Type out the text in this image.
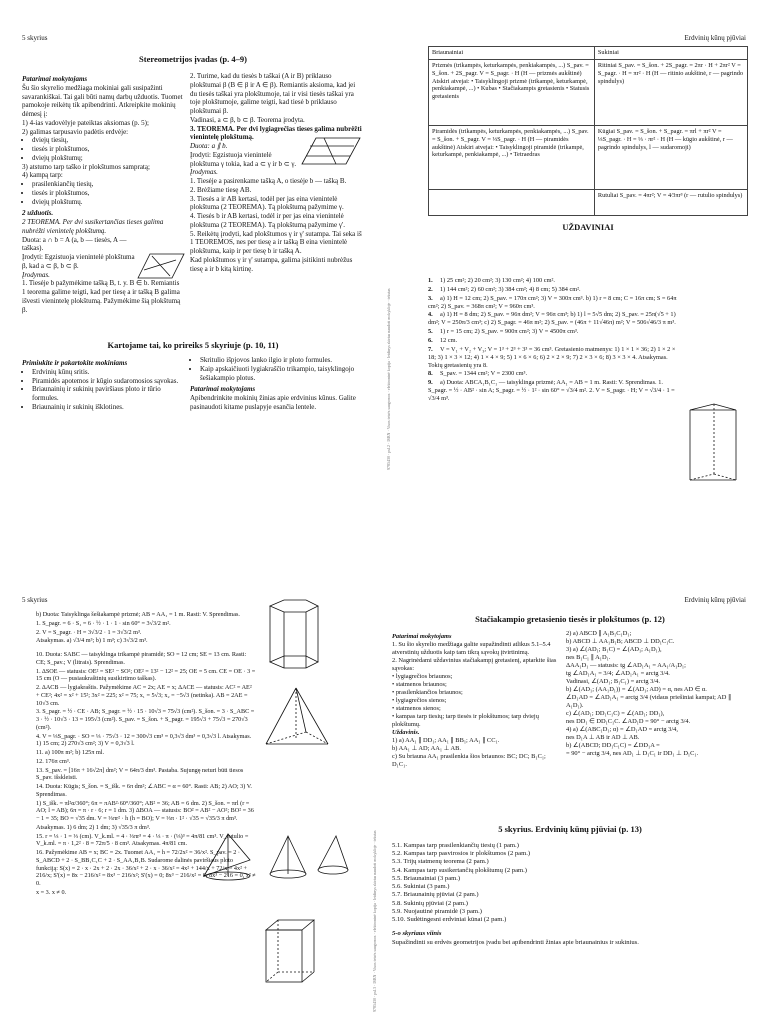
5 skyrius
Stereometrijos įvadas (p. 4–9)
Patarimai mokytojams
Šu šio skyrelio medžiaga mokiniai gali susipažinti savarankiškai. Tai gali būti namų darbų užduotis. Tuomet pamokoje reikėtų tik apibendrinti. Atkreipkite mokinių dėmesį į:
1) 4-ias vadovėlyje pateiktas aksiomas (p. 5);
2) galimas tarpusavio padėtis erdvėje:
• dviejų tiesių,
• tiesės ir plokštumos,
• dviejų plokštumų;
3) atstumo tarp taško ir plokštumos sampratą;
4) kampą tarp:
• prasilenkiančių tiesių,
• tiesės ir plokštumos,
• dviejų plokštumų.
2 užduotis.
2 TEOREMA. Per dvi susikertančias tieses galima nubrėžti vienintelę plokštumą.
Duota: a ∩ b = A (a, b — tiesės, A — taškas).
Įrodyti: Egzistuoja vienintelė plokštuma β, kad a ⊂ β, b ⊂ β.
Įrodymas.
1. Tiesėje b pažymėkime tašką B, t. y. B ∈ b. Remiantis 1 teorema galime teigti, kad per tiesę a ir tašką B galima išvesti vienintelę plokštumą. Pažymėkime šią plokštumą β.
2. Turime, kad du tiesės b taškai (A ir B) priklauso plokštumai β (B ∈ β ir A ∈ β). Remiantis aksioma, kad jei du tiesės taškai yra plokštumoje, tai ir visi tiesės taškai yra toje plokštumoje, galime teigti, kad tiesė b priklauso plokštumai β.
Vadinasi, a ⊂ β, b ⊂ β. Teorema įrodyta.
3. TEOREMA. Per dvi lygiagrečias tieses galima nubrėžti vienintelę plokštumą.
Duota: a ∥ b.
Įrodyti: Egzistuoja vienintelė plokštuma γ tokia, kad a ⊂ γ ir b ⊂ γ.
Įrodymas.
1. Tiesėje a pasirenkame tašką A, o tiesėje b — tašką B.
2. Brėžiame tiesę AB.
3. Tiesės a ir AB kertasi, todėl per jas eina vienintelė plokštuma (2 TEOREMA). Tą plokštumą pažymime γ.
4. Tiesės b ir AB kertasi, todėl ir per jas eina vienintelė plokštuma (2 TEOREMA). Tą plokštumą pažymime γ'.
5. Reikėtų įrodyti, kad plokštumos γ ir γ' sutampa. Tai seka iš 1 TEOREMOS, nes per tiesę a ir tašką B eina vienintelė plokštuma, kaip ir per tiesę b ir tašką A.
Kad plokštumos γ ir γ' sutampa, galima įsitikinti nubrėžus tiesę a ir b kitą kirtinę.
Kartojame tai, ko prireiks 5 skyriuje (p. 10, 11)
Primінkite ir pakartokite mokiniams
• Erdvinių kūnų sritis.
• Piramidės apotemos ir kūgio sudaromosios sąvokas.
• Briaunainių ir sukinių paviršiaus ploto ir tūrio formules.
• Briaunainių ir sukinių išklotines.
• Skritulio išpjovos lanko ilgio ir ploto formules.
• Kaip apskaičiuoti lygiakraščio trikampio, taisyklingojo šešiakampio plotus.
Patarimai mokytojams
Apibendrinkite mokinių žinias apie erdvinius kūnus. Galite pasinaudoti kitame puslapyje esančia lentele.	9785430 · psl.2 · ISBN · Visos teisės saugomos · elektroninė kopija · leidinys skirtas naudoti mokykloje · tekstas
Erdvinių kūnų pjūviai
Briaunainiai	Sukiniai
Prizmės (trikampės, keturkampės, penkiakampės, ...) S_pav. = S_šon. + 2S_pagr. V = S_pagr. · H (H — prizmės aukštinė) Atskiri atvejai: • Taisyklingoji prizmė (trikampė, keturkampė, penkiakampė, ...) • Kubas • Stačiakampis gretasienis • Statusis gretasienis	Ritiniai S_pav. = S_šon. + 2S_pagr. = 2πr · H + 2πr² V = S_pagr. · H = πr² · H (H — ritinio aukštinė, r — pagrindo spindulys)
Piramidės (trikampės, keturkampės, penkiakampės, ...) S_pav. = S_šon. + S_pagr. V = ⅓S_pagr. · H (H — piramidės aukštinė) Atskiri atvejai: • Taisyklingoji piramidė (trikampė, keturkampė, penkiakampė, ...) • Tetraedras	Kūgiai S_pav. = S_šon. + S_pagr. = πrl + πr² V = ⅓S_pagr. · H = ⅓ · πr² · H (H — kūgio aukštinė, r — pagrindo spindulys, l — sudaromoji)
	Rutuliai S_pav. = 4πr²; V = 4⁄3πr³ (r — rutulio spindulys)
UŽDAVINIAI
1. 1) 25 cm²; 2) 20 cm²; 3) 130 cm²; 4) 100 cm².
2. 1) 144 cm²; 2) 60 cm²; 3) 384 cm²; 4) 8 cm; 5) 384 cm².
3. a) 1) H = 12 cm; 2) S_pav. = 170π cm²; 3) V = 300π cm³. b) 1) r = 8 cm; C = 16π cm; S = 64π cm²; 2) S_pav. = 368π cm²; V = 960π cm³.
4. a) 1) H = 8 dm; 2) S_pav. = 96π dm²; V = 96π cm³; b) 1) l = 5√5 dm; 2) S_pav. = 25π(√5 + 1) dm²; V = 250π/3 cm³; c) 2) S_pagr. = 46π m²; 2) S_pav. = (46π + 11√46π) m²; V = 506√46/3 π m³.
5. 1) r = 15 cm; 2) S_pav. = 900π cm²; 3) V = 4500π cm³.
6. 12 cm.
7. V = V₁ + V₂ + V₃; V = 1³ + 2³ + 3³ = 36 cm³. Gretasienio matmenys: 1) 1 × 1 × 36; 2) 1 × 2 × 18; 3) 1 × 3 × 12; 4) 1 × 4 × 9; 5) 1 × 6 × 6; 6) 2 × 2 × 9; 7) 2 × 3 × 6; 8) 3 × 3 × 4. Atsakymas. Tokių gretasienių yra 8.
8. S_pav. = 1344 cm²; V = 2300 cm³.
9. a) Duota: ABCA₁B₁C₁ — taisyklinga prizmė; AA₁ = AB = 1 m. Rasti: V. Sprendimas. 1. S_pagr. = ½ · AB² · sin A; S_pagr. = ½ · 1² · sin 60° = √3/4 m². 2. V = S_pagr. · H; V = √3/4 · 1 = √3/4 m³.
5 skyrius
b) Duota: Taisyklinga šešiakampė prizmė; AB = AA₁ = 1 m. Rasti: V. Sprendimas.
1. S_pagr. = 6 · S₁ = 6 · ½ · 1 · 1 · sin 60° = 3√3/2 m².
2. V = S_pagr. · H = 3√3/2 · 1 = 3√3/2 m³.
Atsakymas. a) √3/4 m³; b) 1 m³; c) 3√3/2 m³.
10. Duota: SABC — taisyklinga trikampė piramidė; SO = 12 cm; SE = 13 cm. Rasti: CE; S_pav.; V (litrais). Sprendimas.
1. ΔSOE — statusis: OE² = SE² − SO²; OE² = 13² − 12² = 25; OE = 5 cm. CE = OE · 3 = 15 cm (O — pusiaukraštinių susikirtimo taškas).
2. ΔACB — lygiakraštis. Pažymėkime AC = 2x; AE = x; ΔACE — statusis: AC² = AE² + CE²; 4x² = x² + 15²; 3x² = 225; x² = 75; x₁ = 5√3; x₂ = −5√3 (netinka). AB = 2AE = 10√3 cm.
3. S_pagr. = ½ · CE · AB; S_pagr. = ½ · 15 · 10√3 = 75√3 (cm²). S_šon. = 3 · S_ABC = 3 · ½ · 10√3 · 13 = 195√3 (cm²). S_pav. = S_šon. + S_pagr. = 195√3 + 75√3 = 270√3 (cm²).
4. V = ⅓S_pagr. · SO = ⅓ · 75√3 · 12 = 300√3 cm³ = 0,3√3 dm³ = 0,3√3 l. Atsakymas. 1) 15 cm; 2) 270√3 cm²; 3) V = 0,3√3 l.
11. a) 100π m²; b) 125π ml.
12. 176π cm³.
13. S_pav. = [16π + 16√2π] dm²; V = 64π/3 dm³. Pastaba. Sujungę neturi būti tiesos S_pav. išskleisti.
14. Duota: Kūgis; S_šon. = S_išk. = 6π dm²; ∠ABC = α = 60°. Rasti: AB; 2) AO; 3) V. Sprendimas.
1) S_išk. = πl²α/360°; 6π = πAB²·60°/360°; AB² = 36; AB = 6 dm. 2) S_šon. = πrl (r = AO; l = AB); 6π = π · r · 6; r = 1 dm. 3) ΔBOA — statusis: BO² = AB² − AO²; BO² = 36 − 1 = 35; BO = √35 dm. V = ⅓πr² · h (h = BO); V = ⅓π · 1² · √35 = √35/3 π dm³.
Atsakymas. 1) 6 dm; 2) 1 dm; 3) √35/3 π dm³.
15. r = ⅓ · 1 = ⅓ (cm). V_k.ml. = 4 · ⅓πr³ = 4 · ⅓ · π · (⅓)³ = 4π/81 cm³. V_rutulio = V_k.ml. = π · 1,2² · 8 = 72π/5 · 8 cm³. Atsakymas. 4π/81 cm.
16. Pažymėkime AB = x; BC = 2x. Tuomet AA₁ = h = 72/2x² = 36/x². S_pav. = 2 · S_ABCD + 2 · S_BB₁C₁C + 2 · S_AA₁B₁B. Sudarome dalinės paviršiaus ploto funkciją: S(x) = 2 · x · 2x + 2 · 2x · 36/x² + 2 · x · 36/x² = 4x² + 144/x + 72/x = 4x² + 216/x; S'(x) = 8x − 216/x² = 8x³ − 216/x²; S'(x) = 0; 8x³ − 216/x² = 0; 8x³ − 216 = 0, x² ≠ 0.
x = 3. x ≠ 0.	9785430 · psl.3 · ISBN · Visos teisės saugomos · elektroninė kopija · leidinys skirtas naudoti mokykloje · tekstas
Erdvinių kūnų pjūviai
Stačiakampio gretasienio tiesės ir plokštumos (p. 12)
Patarimai mokytojams
1. Su šio skyrelio medžiaga galite supažindinti atlikus 5.1–5.4 atverstinių užduotis kaip tam tikrą sąvokų įtvirtinimą.
2. Nagrinėdami uždavinius stačiakampį gretasienį, aptarkite šias sąvokas:
• lygiagrečios briaunos;
• statmenos briaunos;
• prasilenkiančios briaunos;
• lygiagrečios sienos;
• statmenos sienos;
• kampas tarp tiesių; tarp tiesės ir plokštumos; tarp dviejų plokštumų.
Uždavinis.
1) a) AA₁ ∥ DD₁; AA₁ ∥ BB₁; AA₁ ∥ CC₁.
b) AA₁ ⊥ AD; AA₁ ⊥ AB.
c) Su briauna AA₁ prasilenkia šios briaunos: BC; DC; B₁C₁; D₁C₁.
2) a) ABCD ∥ A₁B₁C₁D₁;
b) ABCD ⊥ AA₁B₁B; ABCD ⊥ DD₁C₁C.
3) a) ∠(AD₁; B₁C) = ∠(AD₁; A₁D₁),
nes B₁C₁ ∥ A₁D₁.
ΔAA₁D₁ — statusis: tg ∠AD₁A₁ = AA₁/A₁D₁;
tg ∠AD₁A₁ = 3/4; ∠AD₁A₁ = arctg 3/4.
Vadinasi, ∠(AD₁; B₁C₁) = arctg 3/4.
b) ∠(AD₁; (AA₁D₁)) = ∠(AD₁; AD) = α, nes AD ∈ α.
∠D₁AD = ∠AD₁A₁ = arctg 3/4 (vidaus priešiniai kampai; AD ∥ A₁D₁).
c) ∠(AD₁; DD₁C₁C) = ∠(AD₁; DD₁),
nes DD₁ ∈ DD₁C₁C. ∠AD₁D = 90° − arctg 3/4.
4) a) ∠(ABC₁D₁; α) = ∠D₁AD = arctg 3/4,
nes D₁A ⊥ AB ir AD ⊥ AB.
b) ∠(ABCD; DD₁C₁C) = ∠DD₁A =
= 90° − arctg 3/4, nes AD₁ ⊥ D₁C₁ ir DD₁ ⊥ D₁C₁.
5 skyrius. Erdvinių kūnų pjūviai (p. 13)
5.1. Kampas tarp prasilenkiančių tiesių (1 pam.)
5.2. Kampas tarp pasvirosios ir plokštumos (2 pam.)
5.3. Trijų statmenų teorema (2 pam.)
5.4. Kampas tarp susikertančių plokštumų (2 pam.)
5.5. Briaunainiai (3 pam.)
5.6. Sukiniai (3 pam.)
5.7. Briaunainių pjūviai (2 pam.)
5.8. Sukinių pjūviai (2 pam.)
5.9. Nuojautinė piramidė (3 pam.)
5.10. Sudėtingesni erdviniai kūnai (2 pam.)
5-o skyriaus viinis
Supažindinti su erdvės geometrijos įvadu bei apibendrinti žinias apie briaunainius ir sukinius.
